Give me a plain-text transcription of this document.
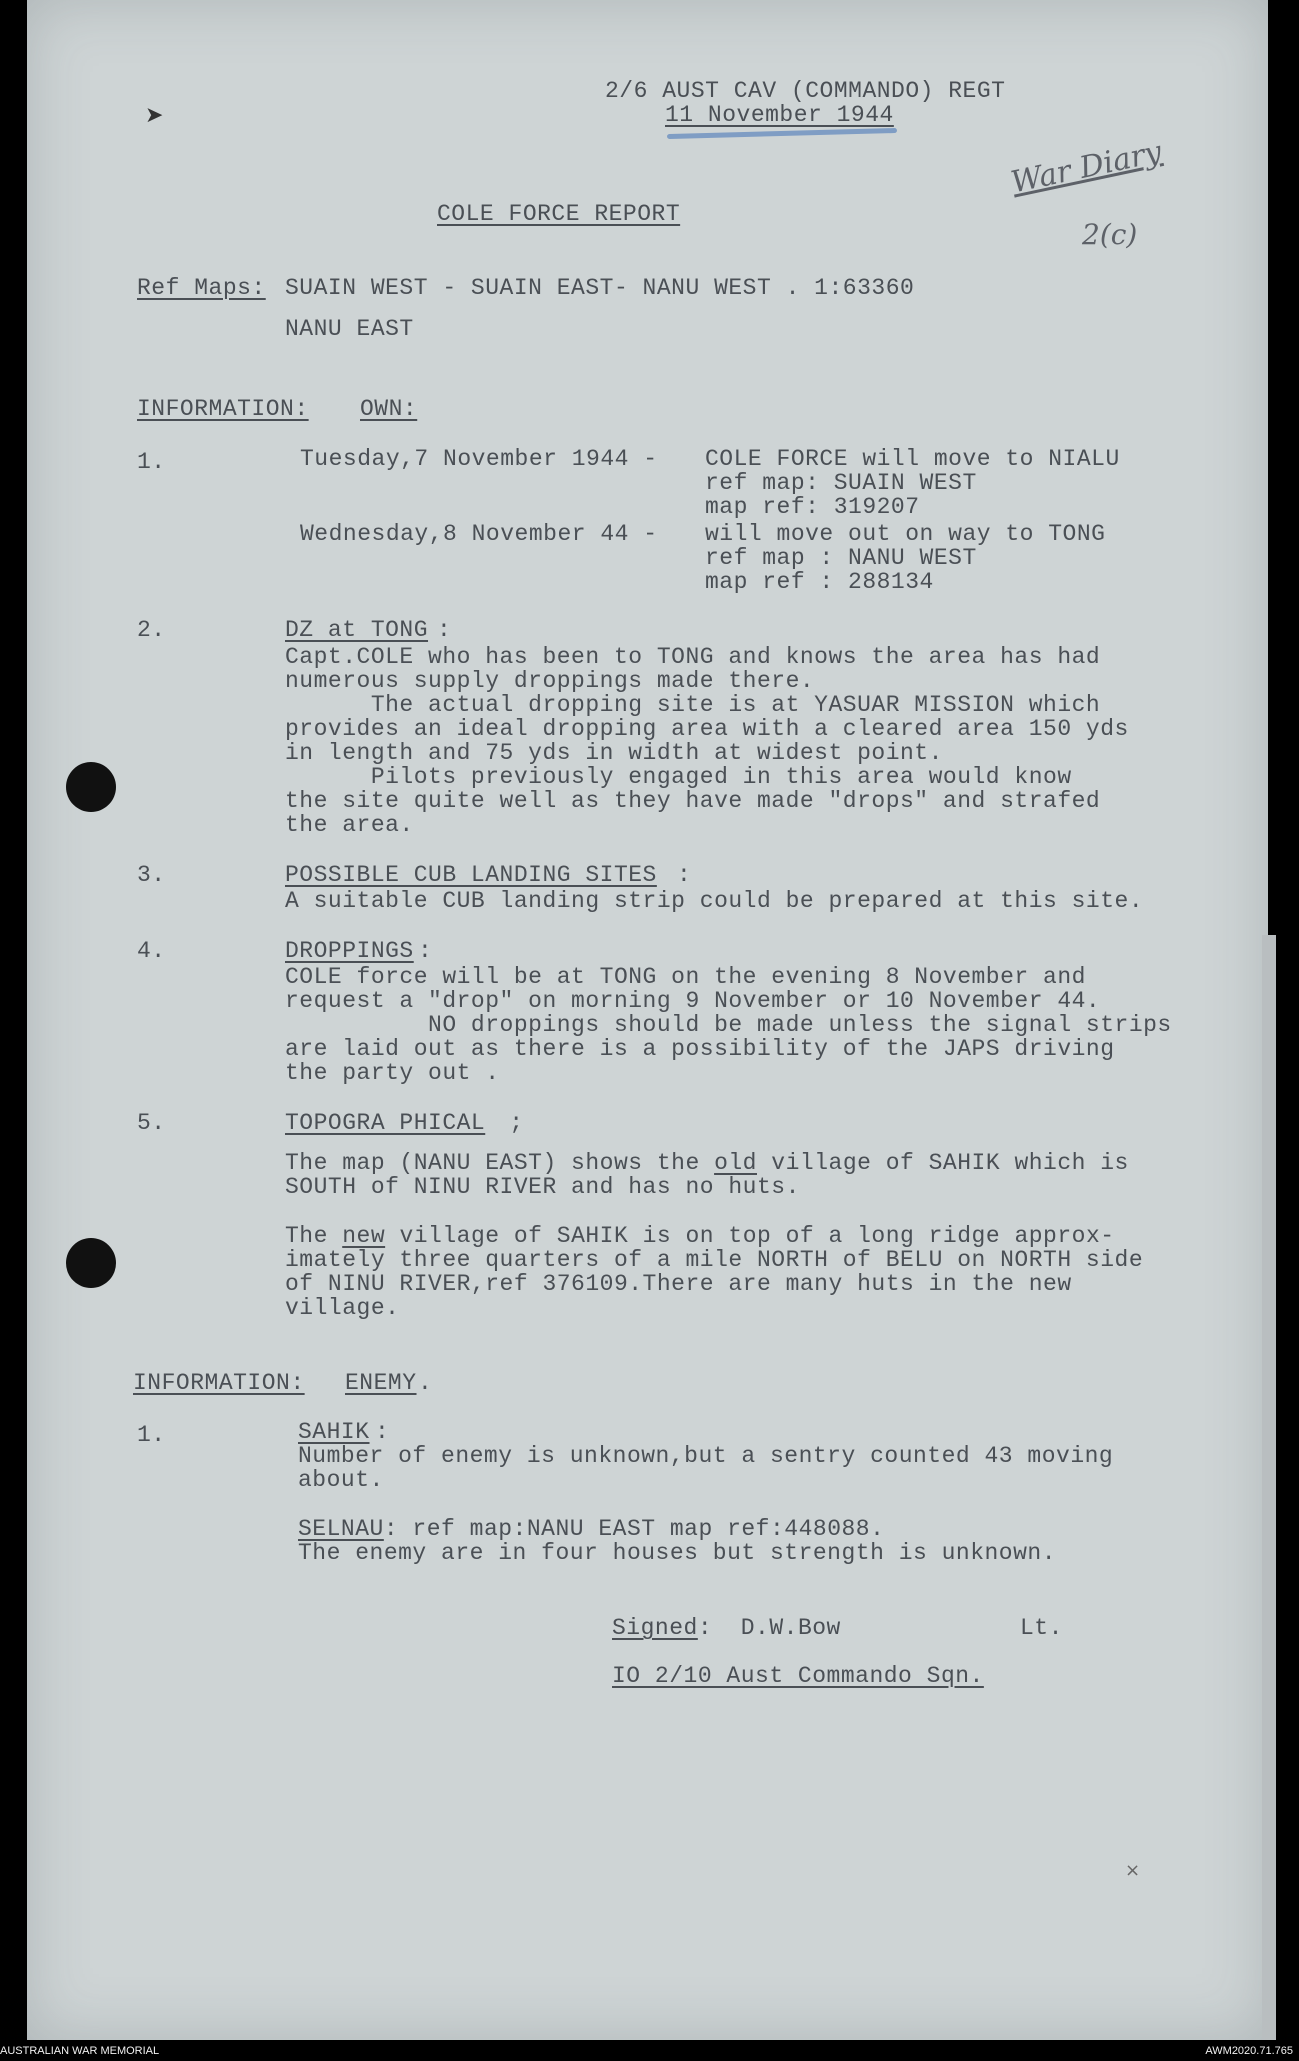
➤
×
2/6 AUST CAV (COMMANDO) REGT
11 November 1944
War Diary
2(c)
COLE FORCE REPORT
Ref Maps: SUAIN WEST - SUAIN EAST- NANU WEST . 1:63360
NANU EAST
INFORMATION: OWN:
1.	Tuesday,7 November 1944 - COLE FORCE will move to NIALU
ref map: SUAIN WEST
map ref: 319207
Wednesday,8 November 44 - will move out on way to TONG
ref map : NANU WEST
map ref : 288134
2.	DZ at TONG :
Capt.COLE who has been to TONG and knows the area has had
numerous supply droppings made there.
The actual dropping site is at YASUAR MISSION which
provides an ideal dropping area with a cleared area 150 yds
in length and 75 yds in width at widest point.
Pilots previously engaged in this area would know
the site quite well as they have made "drops" and strafed
the area.
3.	POSSIBLE CUB LANDING SITES :
A suitable CUB landing strip could be prepared at this site.
4.	DROPPINGS :
COLE force will be at TONG on the evening 8 November and
request a "drop" on morning 9 November or 10 November 44.
NO droppings should be made unless the signal strips
are laid out as there is a possibility of the JAPS driving
the party out .
5.	TOPOGRA PHICAL ;
The map (NANU EAST) shows the old village of SAHIK which is
SOUTH of NINU RIVER and has no huts.
The new village of SAHIK is on top of a long ridge approx-
imately three quarters of a mile NORTH of BELU on NORTH side
of NINU RIVER,ref 376109.There are many huts in the new
village.
INFORMATION: ENEMY .
1.	SAHIK :
Number of enemy is unknown,but a sentry counted 43 moving
about.
SELNAU: ref map:NANU EAST map ref:448088.
The enemy are in four houses but strength is unknown.
Signed:  D.W.Bow	Lt.
IO 2/10 Aust Commando Sqn.
AUSTRALIAN WAR MEMORIAL	AWM2020.71.765
